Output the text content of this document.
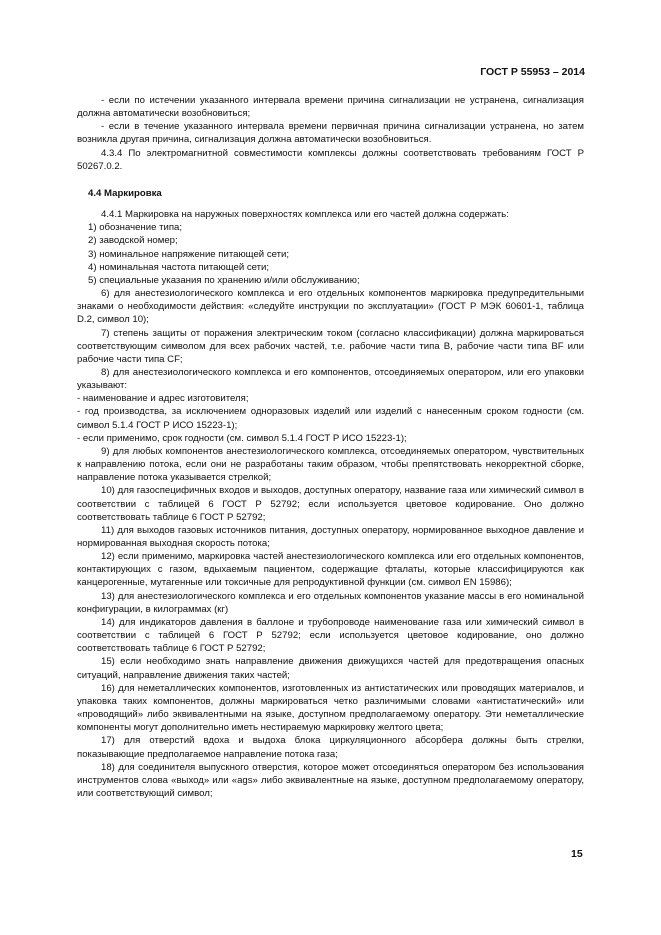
ГОСТ Р 55953 – 2014

- если по истечении указанного интервала времени причина сигнализации не устранена, сигнализация должна автоматически возобновиться;

- если в течение указанного интервала времени первичная причина сигнализации устранена, но затем возникла другая причина, сигнализация должна автоматически возобновиться.

4.3.4 По электромагнитной совместимости комплексы должны соответствовать требованиям ГОСТ Р 50267.0.2.

4.4 Маркировка

4.4.1 Маркировка на наружных поверхностях комплекса или его частей должна содержать:

1) обозначение типа;

2) заводской номер;

3) номинальное напряжение питающей сети;

4) номинальная частота питающей сети;

5) специальные указания по хранению и/или обслуживанию;

6) для анестезиологического комплекса и его отдельных компонентов маркировка предупредительными знаками о необходимости действия: «следуйте инструкции по эксплуатации» (ГОСТ Р МЭК 60601-1, таблица D.2, символ 10);

7) степень защиты от поражения электрическим током (согласно классификации) должна маркироваться соответствующим символом для всех рабочих частей, т.е. рабочие части типа B, рабочие части типа BF или рабочие части типа CF;

8) для анестезиологического комплекса и его компонентов, отсоединяемых оператором, или его упаковки указывают:

- наименование и адрес изготовителя;

- год производства, за исключением одноразовых изделий или изделий с нанесенным сроком годности (см. символ 5.1.4 ГОСТ Р ИСО 15223-1);

- если применимо, срок годности (см. символ 5.1.4 ГОСТ Р ИСО 15223-1);

9) для любых компонентов анестезиологического комплекса, отсоединяемых оператором, чувствительных к направлению потока, если они не разработаны таким образом, чтобы препятствовать некорректной сборке, направление потока указывается стрелкой;

10) для газоспецифичных входов и выходов, доступных оператору, название газа или химический символ в соответствии с таблицей 6 ГОСТ Р 52792; если используется цветовое кодирование. Оно должно соответствовать таблице 6 ГОСТ Р 52792;

11) для выходов газовых источников питания, доступных оператору, нормированное выходное давление и нормированная выходная скорость потока;

12) если применимо, маркировка частей анестезиологического комплекса или его отдельных компонентов, контактирующих с газом, вдыхаемым пациентом, содержащие фталаты, которые классифицируются как канцерогенные, мутагенные или токсичные для репродуктивной функции (см. символ EN 15986);

13) для анестезиологического комплекса и его отдельных компонентов указание массы в его номинальной конфигурации, в килограммах (кг)

14) для индикаторов давления в баллоне и трубопроводе наименование газа или химический символ в соответствии с таблицей 6 ГОСТ Р 52792; если используется цветовое кодирование, оно должно соответствовать таблице 6 ГОСТ Р 52792;

15) если необходимо знать направление движения движущихся частей для предотвращения опасных ситуаций, направление движения таких частей;

16) для неметаллических компонентов, изготовленных из антистатических или проводящих материалов, и упаковка таких компонентов, должны маркироваться четко различимыми словами «антистатический» или «проводящий» либо эквивалентными на языке, доступном предполагаемому оператору. Эти неметаллические компоненты могут дополнительно иметь нестираемую маркировку желтого цвета;

17) для отверстий вдоха и выдоха блока циркуляционного абсорбера должны быть стрелки, показывающие предполагаемое направление потока газа;

18) для соединителя выпускного отверстия, которое может отсоединяться оператором без использования инструментов слова «выход» или «ags» либо эквивалентные на языке, доступном предполагаемому оператору, или соответствующий символ;

15
